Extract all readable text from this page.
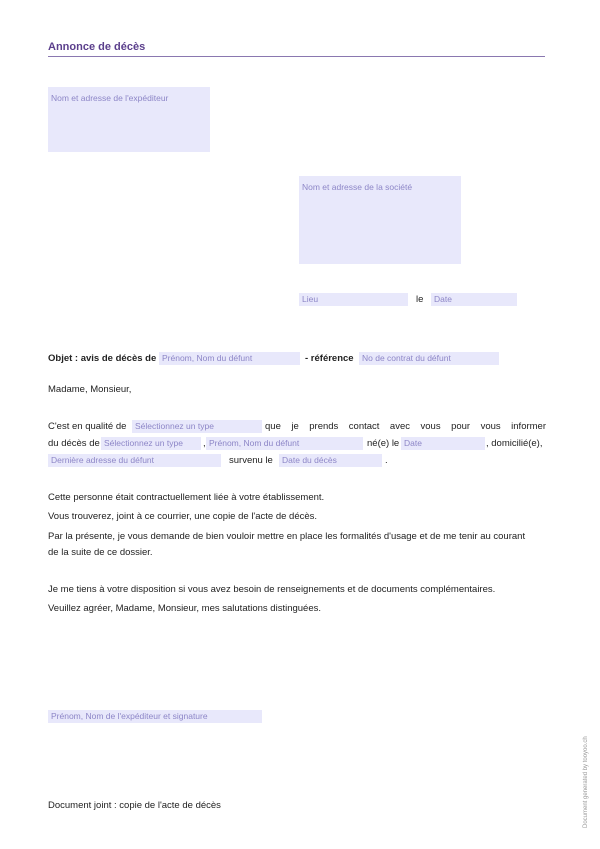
Annonce de décès
Nom et adresse de l'expéditeur
Nom et adresse de la société
Lieu	le	Date
Objet : avis de décès de Prénom, Nom du défunt	- référence No de contrat du défunt
Madame, Monsieur,
C'est en qualité de	Sélectionnez un type	que je prends contact avec vous pour vous informer
du décès de Sélectionnez un type	, Prénom, Nom du défunt	né(e) le Date	, domicilié(e),
Dernière adresse du défunt	survenu le	Date du décès	.
Cette personne était contractuellement liée à votre établissement.
Vous trouverez, joint à ce courrier, une copie de l'acte de décès.
Par la présente, je vous demande de bien vouloir mettre en place les formalités d'usage et de me tenir au courant
de la suite de ce dossier.
Je me tiens à votre disposition si vous avez besoin de renseignements et de documents complémentaires.
Veuillez agréer, Madame, Monsieur, mes salutations distinguées.
Prénom, Nom de l'expéditeur et signature
Document joint : copie de l'acte de décès	Document generated by tooyoo.ch
